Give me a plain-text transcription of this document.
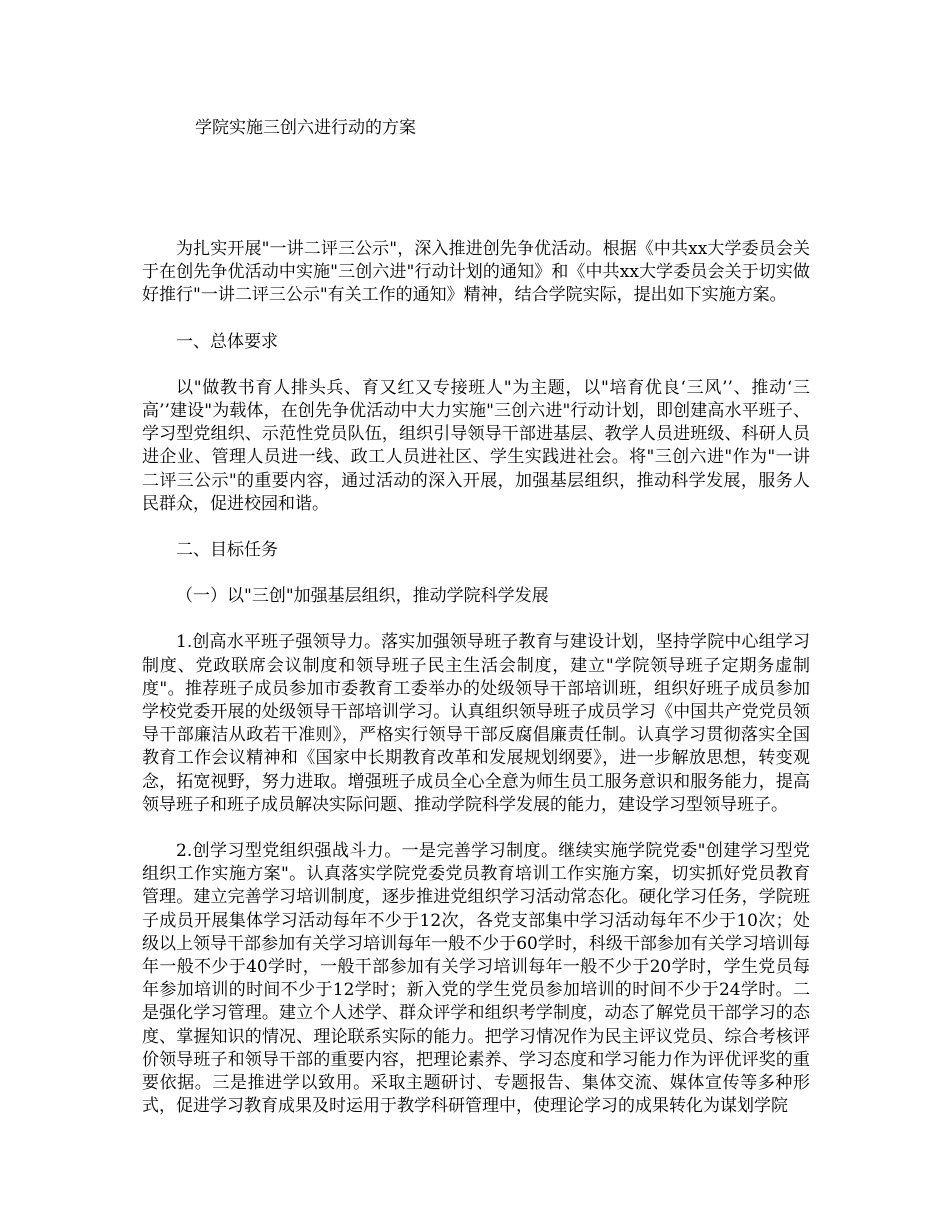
学院实施三创六进行动的方案

为扎实开展"一讲二评三公示"，深入推进创先争优活动。根据《中共xx大学委员会关于在创先争优活动中实施"三创六进"行动计划的通知》和《中共xx大学委员会关于切实做好推行"一讲二评三公示"有关工作的通知》精神，结合学院实际，提出如下实施方案。

一、总体要求

以"做教书育人排头兵、育又红又专接班人"为主题，以"培育优良‘三风’’、推动‘三高’’建设"为载体，在创先争优活动中大力实施"三创六进"行动计划，即创建高水平班子、学习型党组织、示范性党员队伍，组织引导领导干部进基层、教学人员进班级、科研人员进企业、管理人员进一线、政工人员进社区、学生实践进社会。将"三创六进"作为"一讲二评三公示"的重要内容，通过活动的深入开展，加强基层组织，推动科学发展，服务人民群众，促进校园和谐。

二、目标任务

（一）以"三创"加强基层组织，推动学院科学发展

1.创高水平班子强领导力。落实加强领导班子教育与建设计划，坚持学院中心组学习制度、党政联席会议制度和领导班子民主生活会制度，建立"学院领导班子定期务虚制度"。推荐班子成员参加市委教育工委举办的处级领导干部培训班，组织好班子成员参加学校党委开展的处级领导干部培训学习。认真组织领导班子成员学习《中国共产党党员领导干部廉洁从政若干准则》，严格实行领导干部反腐倡廉责任制。认真学习贯彻落实全国教育工作会议精神和《国家中长期教育改革和发展规划纲要》，进一步解放思想，转变观念，拓宽视野，努力进取。增强班子成员全心全意为师生员工服务意识和服务能力，提高领导班子和班子成员解决实际问题、推动学院科学发展的能力，建设学习型领导班子。

2.创学习型党组织强战斗力。一是完善学习制度。继续实施学院党委"创建学习型党组织工作实施方案"。认真落实学院党委党员教育培训工作实施方案，切实抓好党员教育管理。建立完善学习培训制度，逐步推进党组织学习活动常态化。硬化学习任务，学院班子成员开展集体学习活动每年不少于12次，各党支部集中学习活动每年不少于10次；处级以上领导干部参加有关学习培训每年一般不少于60学时，科级干部参加有关学习培训每年一般不少于40学时，一般干部参加有关学习培训每年一般不少于20学时，学生党员每年参加培训的时间不少于12学时；新入党的学生党员参加培训的时间不少于24学时。二是强化学习管理。建立个人述学、群众评学和组织考学制度，动态了解党员干部学习的态度、掌握知识的情况、理论联系实际的能力。把学习情况作为民主评议党员、综合考核评价领导班子和领导干部的重要内容，把理论素养、学习态度和学习能力作为评优评奖的重要依据。三是推进学以致用。采取主题研讨、专题报告、集体交流、媒体宣传等多种形式，促进学习教育成果及时运用于教学科研管理中，使理论学习的成果转化为谋划学院
